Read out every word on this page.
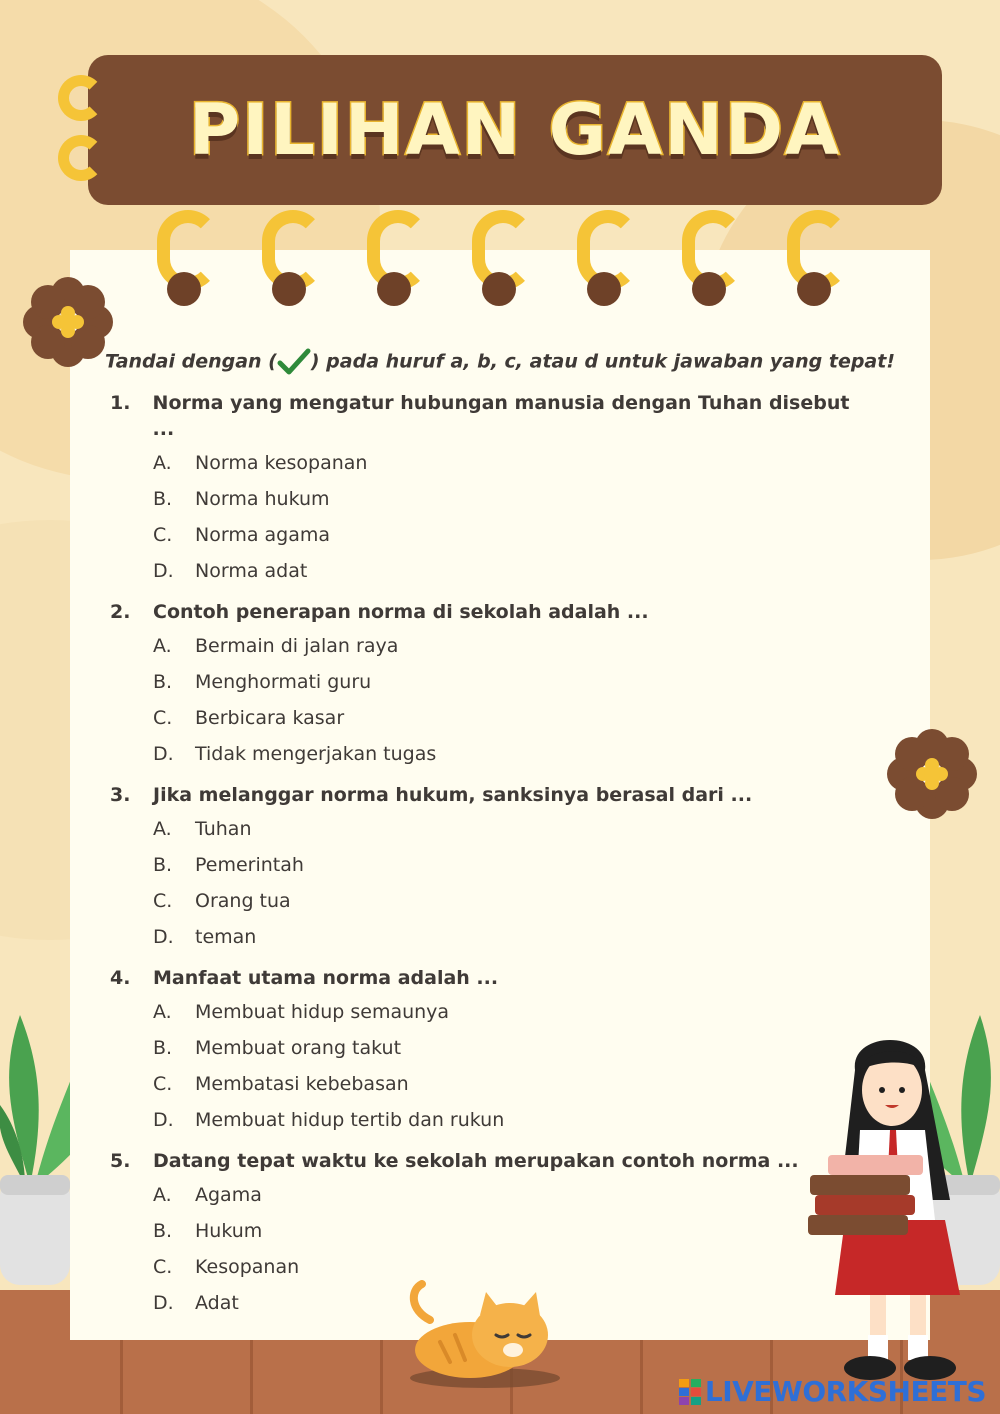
PILIHAN GANDA
Tandai dengan ( ) pada huruf a, b, c, atau d untuk jawaban yang tepat!
1.	Norma yang mengatur hubungan manusia dengan Tuhan disebut ...
A.	Norma kesopanan
B.	Norma hukum
C.	Norma agama
D.	Norma adat
2.	Contoh penerapan norma di sekolah adalah ...
A.	Bermain di jalan raya
B.	Menghormati guru
C.	Berbicara kasar
D.	Tidak mengerjakan tugas
3.	Jika melanggar norma hukum, sanksinya berasal dari ...
A.	Tuhan
B.	Pemerintah
C.	Orang tua
D.	teman
4.	Manfaat utama norma adalah ...
A.	Membuat hidup semaunya
B.	Membuat orang takut
C.	Membatasi kebebasan
D.	Membuat hidup tertib dan rukun
5.	Datang tepat waktu ke sekolah merupakan contoh norma ...
A.	Agama
B.	Hukum
C.	Kesopanan
D.	Adat
LIVEWORKSHEETS
